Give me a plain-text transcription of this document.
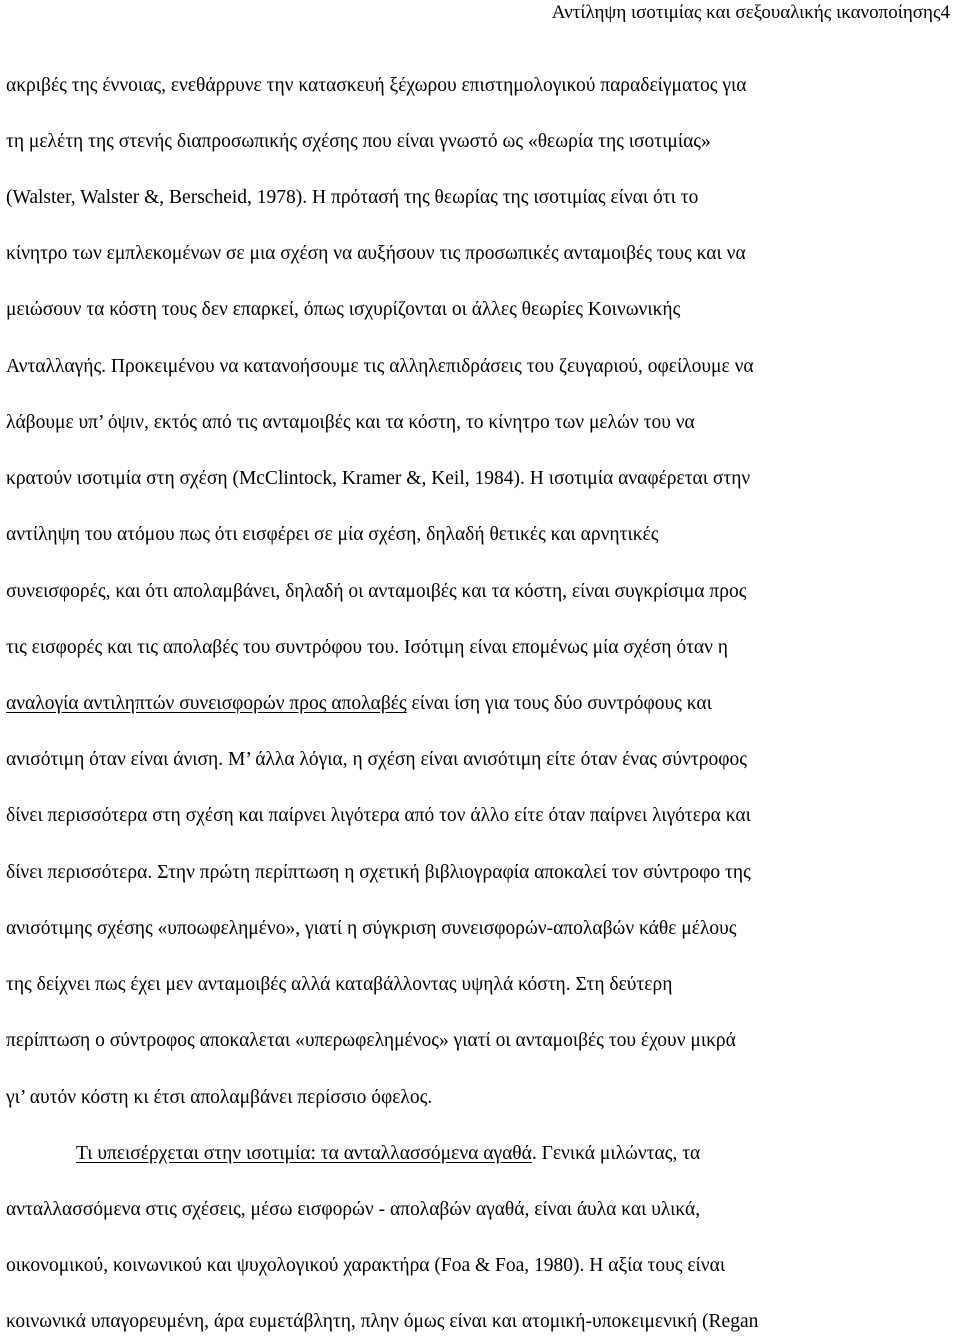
Αντίληψη ισοτιμίας και σεξουαλικής ικανοποίησης4
ακριβές της έννοιας, ενεθάρρυνε την κατασκευή ξέχωρου επιστημολογικού παραδείγματος για
τη μελέτη της στενής διαπροσωπικής σχέσης που είναι γνωστό ως «θεωρία της ισοτιμίας»
(Walster, Walster &, Berscheid, 1978). Η πρότασή της θεωρίας της ισοτιμίας είναι ότι το
κίνητρο των εμπλεκομένων σε μια σχέση να αυξήσουν τις προσωπικές ανταμοιβές τους και να
μειώσουν τα κόστη τους δεν επαρκεί, όπως ισχυρίζονται οι άλλες θεωρίες Κοινωνικής
Ανταλλαγής. Προκειμένου να κατανοήσουμε τις αλληλεπιδράσεις του ζευγαριού, οφείλουμε να
λάβουμε υπ’ όψιν, εκτός από τις ανταμοιβές και τα κόστη, το κίνητρο των μελών του να
κρατούν ισοτιμία στη σχέση (McClintock, Kramer &, Keil, 1984). Η ισοτιμία αναφέρεται στην
αντίληψη του ατόμου πως ότι εισφέρει σε μία σχέση, δηλαδή θετικές και αρνητικές
συνεισφορές, και ότι απολαμβάνει, δηλαδή οι ανταμοιβές και τα κόστη, είναι συγκρίσιμα προς
τις εισφορές και τις απολαβές του συντρόφου του. Ισότιμη είναι επομένως μία σχέση όταν η
αναλογία αντιληπτών συνεισφορών προς απολαβές είναι ίση για τους δύο συντρόφους και
ανισότιμη όταν είναι άνιση. Μ’ άλλα λόγια, η σχέση είναι ανισότιμη είτε όταν ένας σύντροφος
δίνει περισσότερα στη σχέση και παίρνει λιγότερα από τον άλλο είτε όταν παίρνει λιγότερα και
δίνει περισσότερα. Στην πρώτη περίπτωση η σχετική βιβλιογραφία αποκαλεί τον σύντροφο της
ανισότιμης σχέσης «υποωφελημένο», γιατί η σύγκριση συνεισφορών-απολαβών κάθε μέλους
της δείχνει πως έχει μεν ανταμοιβές αλλά καταβάλλοντας υψηλά κόστη. Στη δεύτερη
περίπτωση ο σύντροφος αποκαλεται «υπερωφελημένος» γιατί οι ανταμοιβές του έχουν μικρά
γι’ αυτόν κόστη κι έτσι απολαμβάνει περίσσιο όφελος.
Τι υπεισέρχεται στην ισοτιμία: τα ανταλλασσόμενα αγαθά. Γενικά μιλώντας, τα
ανταλλασσόμενα στις σχέσεις, μέσω εισφορών - απολαβών αγαθά, είναι άυλα και υλικά,
οικονομικού, κοινωνικού και ψυχολογικού χαρακτήρα (Foa & Foa, 1980). Η αξία τους είναι
κοινωνικά υπαγορευμένη, άρα ευμετάβλητη, πλην όμως είναι και ατομική-υποκειμενική (Regan
